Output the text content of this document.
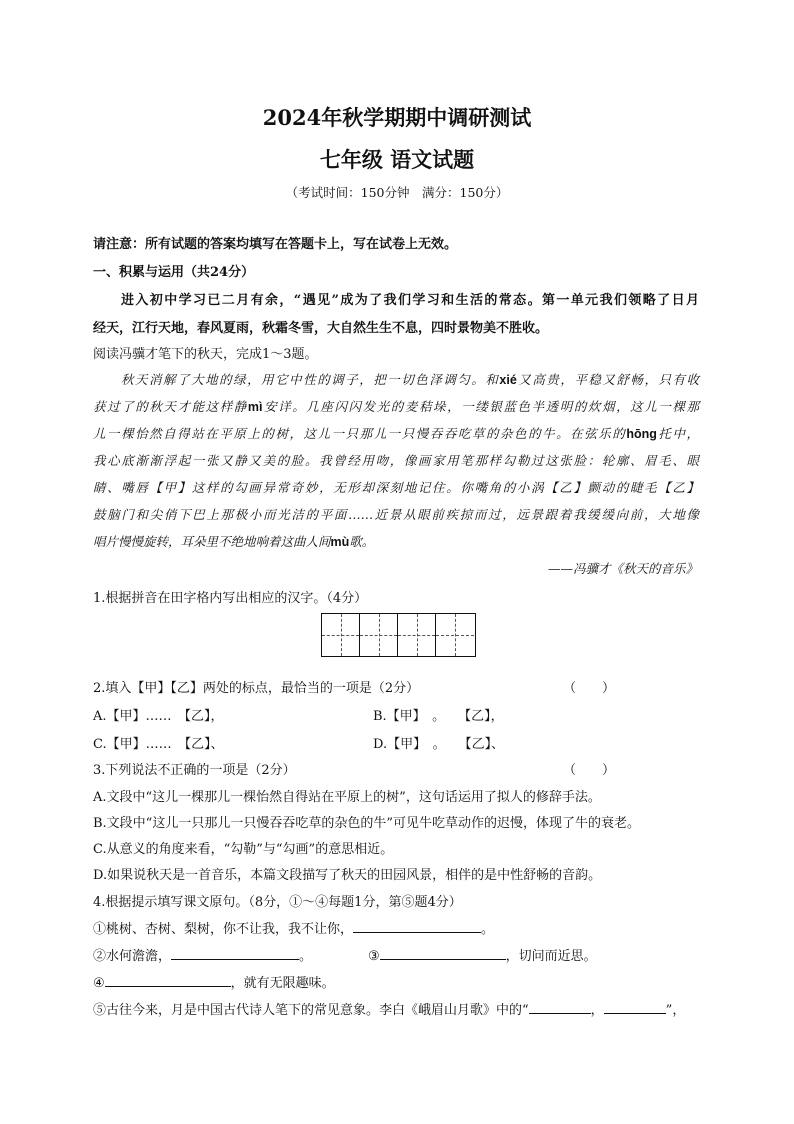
2024年秋学期期中调研测试
七年级 语文试题
（考试时间：150分钟　满分：150分）
请注意：所有试题的答案均填写在答题卡上，写在试卷上无效。
一、积累与运用（共24分）
进入初中学习已二月有余，“遇见”成为了我们学习和生活的常态。第一单元我们领略了日月
经天，江行天地，春风夏雨，秋霜冬雪，大自然生生不息，四时景物美不胜收。
阅读冯骥才笔下的秋天，完成1～3题。
秋天消解了大地的绿，用它中性的调子，把一切色泽调匀。和xié又高贵，平稳又舒畅，只有收
获过了的秋天才能这样静mì安详。几座闪闪发光的麦秸垛，一缕银蓝色半透明的炊烟，这儿一棵那
儿一棵怡然自得站在平原上的树，这儿一只那儿一只慢吞吞吃草的杂色的牛。在弦乐的hōng托中，
我心底渐渐浮起一张又静又美的脸。我曾经用吻，像画家用笔那样勾勒过这张脸：轮廓、眉毛、眼
睛、嘴唇【甲】这样的勾画异常奇妙，无形却深刻地记住。你嘴角的小涡【乙】颤动的睫毛【乙】
鼓脑门和尖俏下巴上那极小而光洁的平面……近景从眼前疾掠而过，远景跟着我缓缓向前，大地像
唱片慢慢旋转，耳朵里不绝地响着这曲人间mù歌。
——冯骥才《秋天的音乐》
1.根据拼音在田字格内写出相应的汉字。（4分）
2.填入【甲】【乙】两处的标点，最恰当的一项是（2分）	（　　）
A.【甲】……　【乙】，	B.【甲】　。　　【乙】，
C.【甲】……　【乙】、	D.【甲】　。　　【乙】、
3.下列说法不正确的一项是（2分）	（　　）
A.文段中“这儿一棵那儿一棵怡然自得站在平原上的树”，这句话运用了拟人的修辞手法。
B.文段中“这儿一只那儿一只慢吞吞吃草的杂色的牛”可见牛吃草动作的迟慢，体现了牛的衰老。
C.从意义的角度来看，“勾勒”与“勾画”的意思相近。
D.如果说秋天是一首音乐，本篇文段描写了秋天的田园风景，相伴的是中性舒畅的音韵。
4.根据提示填写课文原句。（8分，①～④每题1分，第⑤题4分）
①桃树、杏树、梨树，你不让我，我不让你，	。
②水何澹澹，	。	③	，切问而近思。
④	，就有无限趣味。
⑤古往今来，月是中国古代诗人笔下的常见意象。李白《峨眉山月歌》中的“	，	”，
